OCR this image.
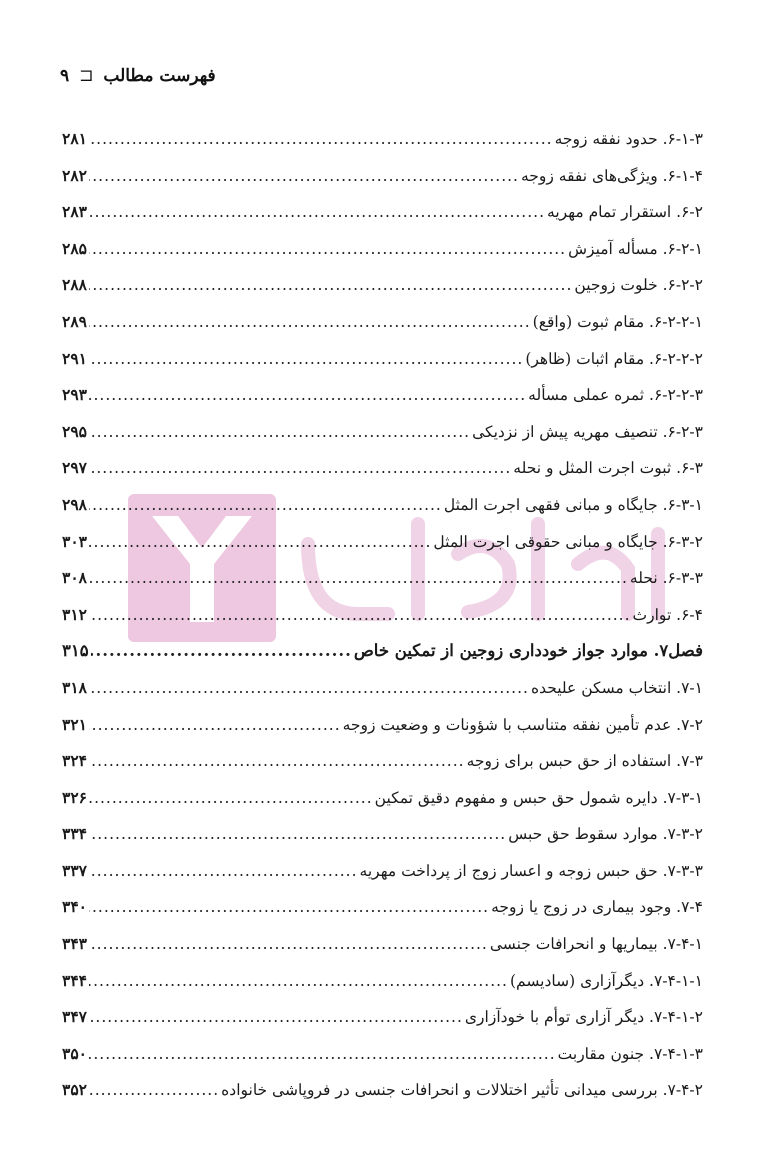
فهرست مطالب ⊏ ۹
۶-۱-۳. حدود نفقه زوجه
.....
۲۸۱
۶-۱-۴. ویژگی‌های نفقه زوجه
.....
۲۸۲
۶-۲. استقرار تمام مهریه
.....
۲۸۳
۶-۲-۱. مسأله آمیزش
.....
۲۸۵
۶-۲-۲. خلوت زوجین
.....
۲۸۸
۶-۲-۲-۱. مقام ثبوت (واقع)
.....
۲۸۹
۶-۲-۲-۲. مقام اثبات (ظاهر)
.....
۲۹۱
۶-۲-۲-۳. ثمره عملی مسأله
.....
۲۹۳
۶-۲-۳. تنصیف مهریه پیش از نزدیکی
.....
۲۹۵
۶-۳. ثبوت اجرت المثل و نحله
.....
۲۹۷
۶-۳-۱. جایگاه و مبانی فقهی اجرت المثل
.....
۲۹۸
۶-۳-۲. جایگاه و مبانی حقوقی اجرت المثل
.....
۳۰۳
۶-۳-۳. نحله
.....
۳۰۸
۶-۴. توارث
.....
۳۱۲
فصل۷. موارد جواز خودداری زوجین از تمکین خاص
.....
۳۱۵
۷-۱. انتخاب مسکن علیحده
.....
۳۱۸
۷-۲. عدم تأمین نفقه متناسب با شؤونات و وضعیت زوجه
.....
۳۲۱
۷-۳. استفاده از حق حبس برای زوجه
.....
۳۲۴
۷-۳-۱. دایره شمول حق حبس و مفهوم دقیق تمکین
.....
۳۲۶
۷-۳-۲. موارد سقوط حق حبس
.....
۳۳۴
۷-۳-۳. حق حبس زوجه و اعسار زوج از پرداخت مهریه
.....
۳۳۷
۷-۴. وجود بیماری در زوج یا زوجه
.....
۳۴۰
۷-۴-۱. بیماریها و انحرافات جنسی
.....
۳۴۳
۷-۴-۱-۱. دیگرآزاری (سادیسم)
.....
۳۴۴
۷-۴-۱-۲. دیگر آزاری توأم با خودآزاری
.....
۳۴۷
۷-۴-۱-۳. جنون مقاربت
.....
۳۵۰
۷-۴-۲. بررسی میدانی تأثیر اختلالات و انحرافات جنسی در فروپاشی خانواده
.....
۳۵۲
